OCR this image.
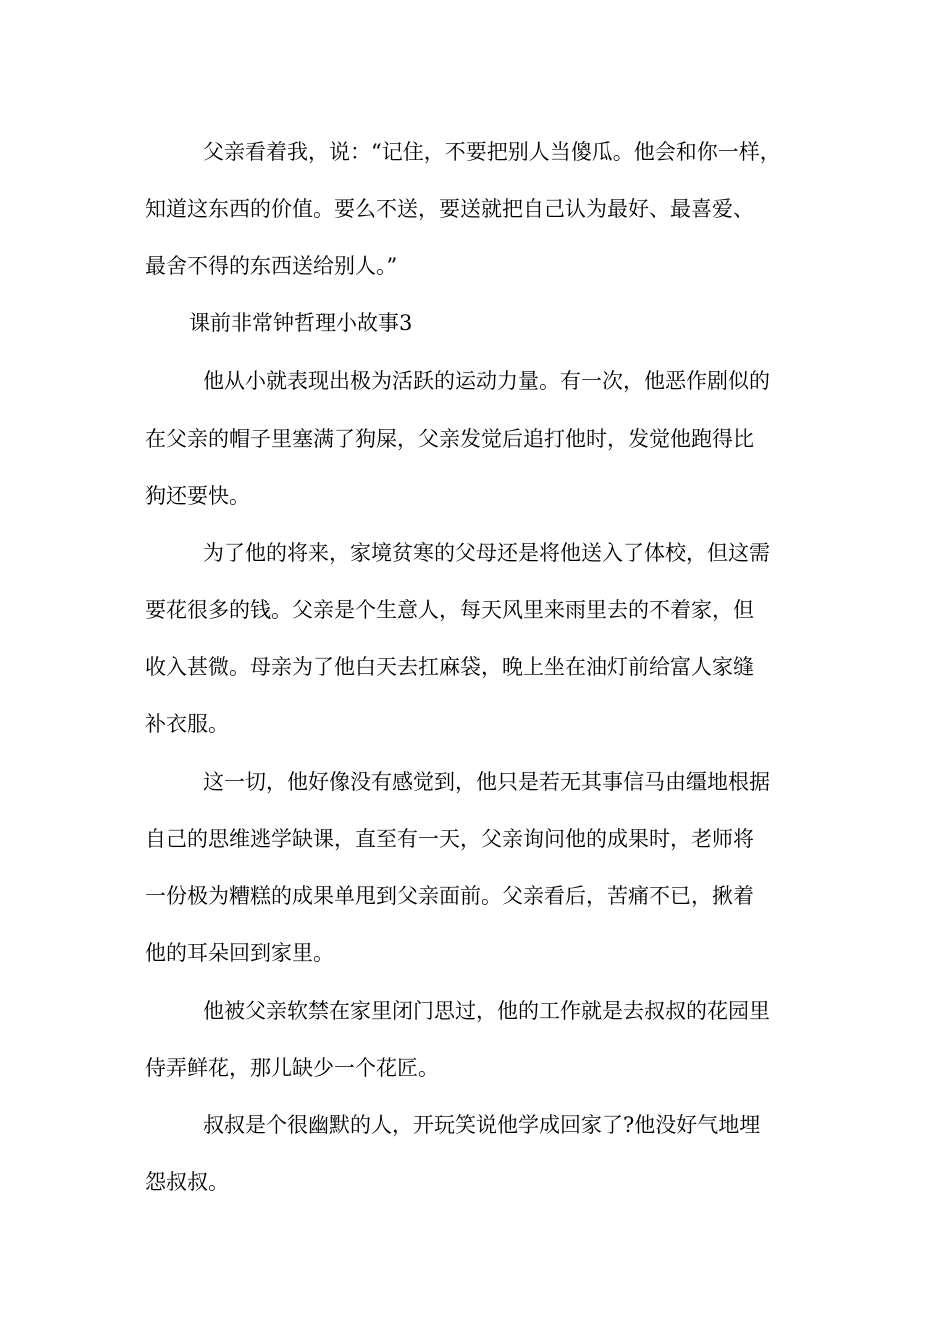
父亲看着我，说：“记住，不要把别人当傻瓜。他会和你一样，
知道这东西的价值。要么不送，要送就把自己认为最好、最喜爱、
最舍不得的东西送给别人。”
课前非常钟哲理小故事3
他从小就表现出极为活跃的运动力量。有一次，他恶作剧似的
在父亲的帽子里塞满了狗屎，父亲发觉后追打他时，发觉他跑得比
狗还要快。
为了他的将来，家境贫寒的父母还是将他送入了体校，但这需
要花很多的钱。父亲是个生意人，每天风里来雨里去的不着家，但
收入甚微。母亲为了他白天去扛麻袋，晚上坐在油灯前给富人家缝
补衣服。
这一切，他好像没有感觉到，他只是若无其事信马由缰地根据
自己的思维逃学缺课，直至有一天，父亲询问他的成果时，老师将
一份极为糟糕的成果单甩到父亲面前。父亲看后，苦痛不已，揪着
他的耳朵回到家里。
他被父亲软禁在家里闭门思过，他的工作就是去叔叔的花园里
侍弄鲜花，那儿缺少一个花匠。
叔叔是个很幽默的人，开玩笑说他学成回家了?他没好气地埋
怨叔叔。
